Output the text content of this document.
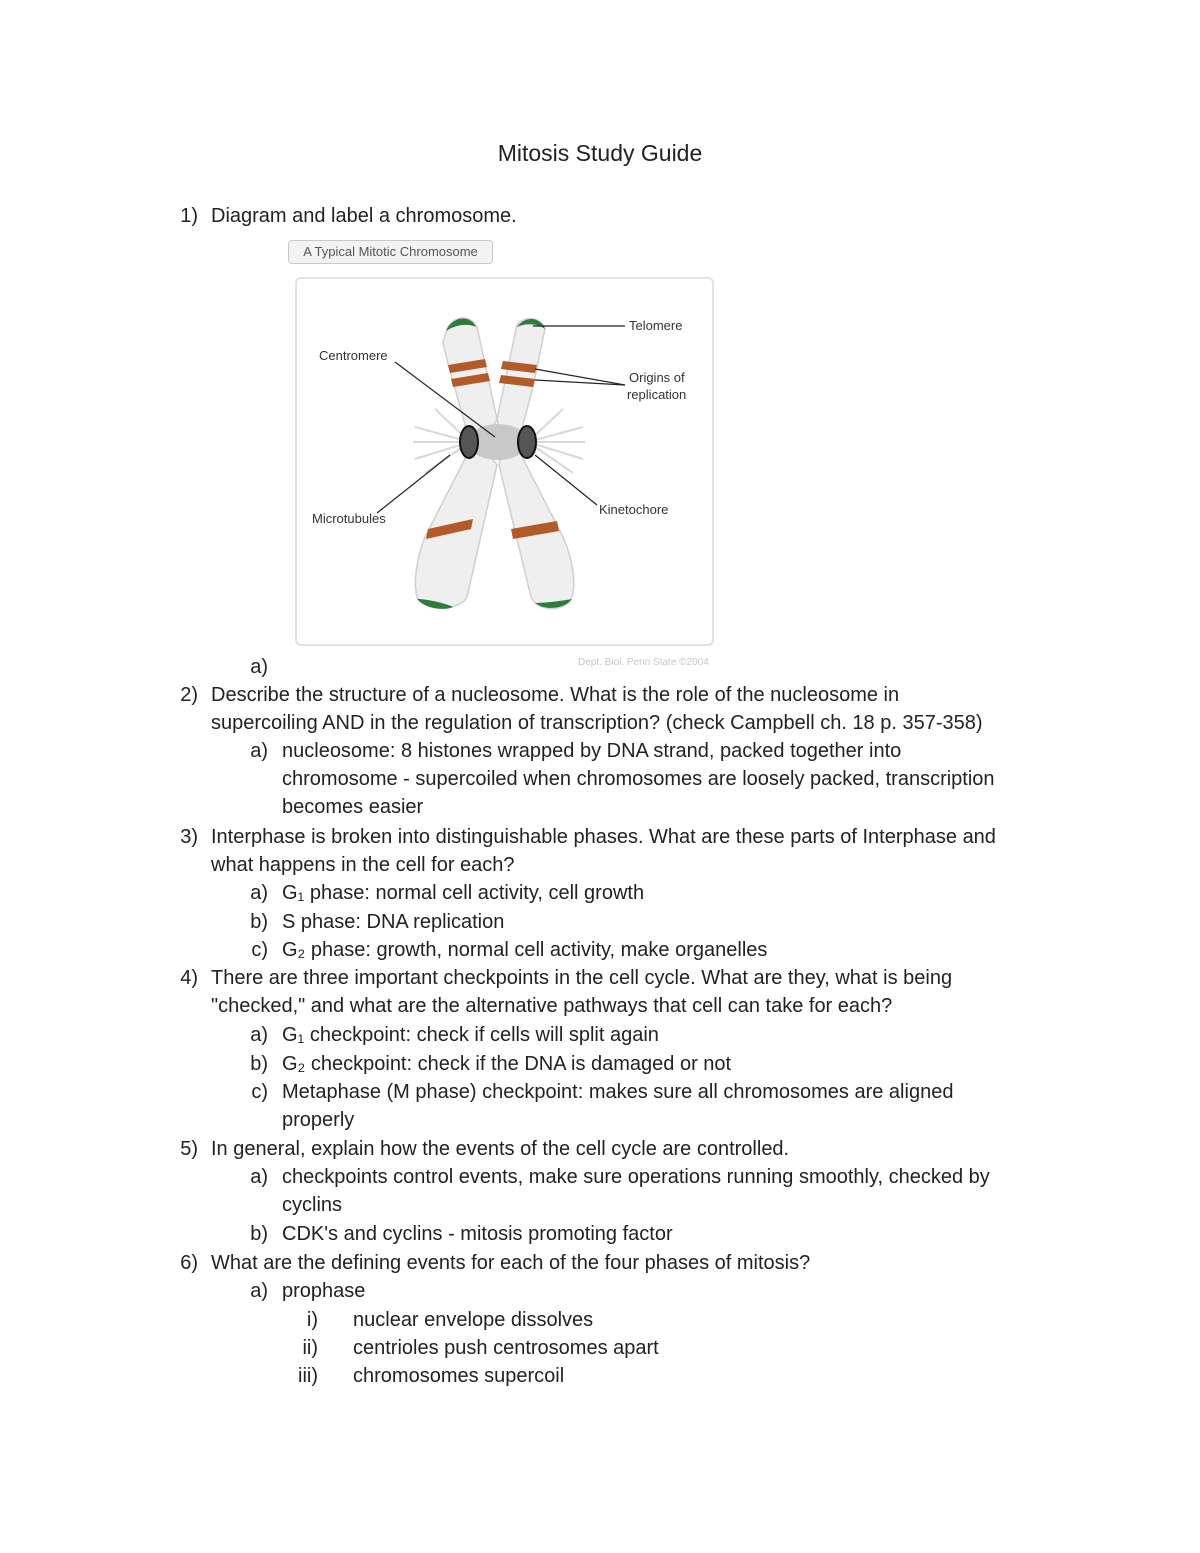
Mitosis Study Guide
1) Diagram and label a chromosome.
A Typical Mitotic Chromosome
Telomere
Centromere
Origins of
replication
Microtubules
Kinetochore
Dept. Biol. Penn State ©2004
a)
2) Describe the structure of a nucleosome. What is the role of the nucleosome in
supercoiling AND in the regulation of transcription? (check Campbell ch. 18 p. 357-358)
a) nucleosome: 8 histones wrapped by DNA strand, packed together into
chromosome - supercoiled when chromosomes are loosely packed, transcription
becomes easier
3) Interphase is broken into distinguishable phases. What are these parts of Interphase and
what happens in the cell for each?
a) G₁ phase: normal cell activity, cell growth
b) S phase: DNA replication
c) G₂ phase: growth, normal cell activity, make organelles
4) There are three important checkpoints in the cell cycle. What are they, what is being
"checked," and what are the alternative pathways that cell can take for each?
a) G₁ checkpoint: check if cells will split again
b) G₂ checkpoint: check if the DNA is damaged or not
c) Metaphase (M phase) checkpoint: makes sure all chromosomes are aligned
properly
5) In general, explain how the events of the cell cycle are controlled.
a) checkpoints control events, make sure operations running smoothly, checked by
cyclins
b) CDK's and cyclins - mitosis promoting factor
6) What are the defining events for each of the four phases of mitosis?
a) prophase
i) nuclear envelope dissolves
ii) centrioles push centrosomes apart
iii) chromosomes supercoil
